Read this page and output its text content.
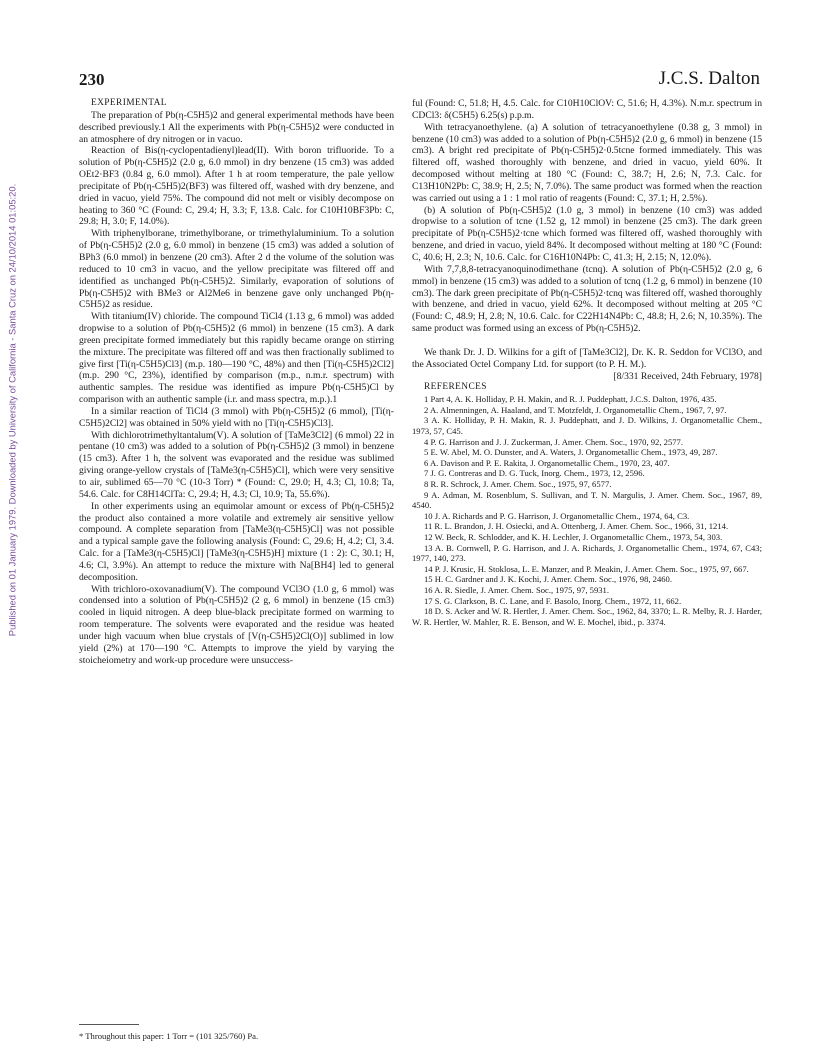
Published on 01 January 1979. Downloaded by University of California - Santa Cruz on 24/10/2014 01:05:20.
230	J.C.S. Dalton

EXPERIMENTAL

The preparation of Pb(η-C5H5)2 and general experimental methods have been described previously.1 All the experiments with Pb(η-C5H5)2 were conducted in an atmosphere of dry nitrogen or in vacuo.

Reaction of Bis(η-cyclopentadienyl)lead(II). With boron trifluoride. To a solution of Pb(η-C5H5)2 (2.0 g, 6.0 mmol) in dry benzene (15 cm3) was added OEt2·BF3 (0.84 g, 6.0 mmol). After 1 h at room temperature, the pale yellow precipitate of Pb(η-C5H5)2(BF3) was filtered off, washed with dry benzene, and dried in vacuo, yield 75%. The compound did not melt or visibly decompose on heating to 360 °C (Found: C, 29.4; H, 3.3; F, 13.8. Calc. for C10H10BF3Pb: C, 29.8; H, 3.0; F, 14.0%).

With triphenylborane, trimethylborane, or trimethylaluminium. To a solution of Pb(η-C5H5)2 (2.0 g, 6.0 mmol) in benzene (15 cm3) was added a solution of BPh3 (6.0 mmol) in benzene (20 cm3). After 2 d the volume of the solution was reduced to 10 cm3 in vacuo, and the yellow precipitate was filtered off and identified as unchanged Pb(η-C5H5)2. Similarly, evaporation of solutions of Pb(η-C5H5)2 with BMe3 or Al2Me6 in benzene gave only unchanged Pb(η-C5H5)2 as residue.

With titanium(IV) chloride. The compound TiCl4 (1.13 g, 6 mmol) was added dropwise to a solution of Pb(η-C5H5)2 (6 mmol) in benzene (15 cm3). A dark green precipitate formed immediately but this rapidly became orange on stirring the mixture. The precipitate was filtered off and was then fractionally sublimed to give first [Ti(η-C5H5)Cl3] (m.p. 180—190 °C, 48%) and then [Ti(η-C5H5)2Cl2] (m.p. 290 °C, 23%), identified by comparison (m.p., n.m.r. spectrum) with authentic samples. The residue was identified as impure Pb(η-C5H5)Cl by comparison with an authentic sample (i.r. and mass spectra, m.p.).1

In a similar reaction of TiCl4 (3 mmol) with Pb(η-C5H5)2 (6 mmol), [Ti(η-C5H5)2Cl2] was obtained in 50% yield with no [Ti(η-C5H5)Cl3].

With dichlorotrimethyltantalum(V). A solution of [TaMe3Cl2] (6 mmol) 22 in pentane (10 cm3) was added to a solution of Pb(η-C5H5)2 (3 mmol) in benzene (15 cm3). After 1 h, the solvent was evaporated and the residue was sublimed giving orange-yellow crystals of [TaMe3(η-C5H5)Cl], which were very sensitive to air, sublimed 65—70 °C (10-3 Torr) * (Found: C, 29.0; H, 4.3; Cl, 10.8; Ta, 54.6. Calc. for C8H14ClTa: C, 29.4; H, 4.3; Cl, 10.9; Ta, 55.6%).

In other experiments using an equimolar amount or excess of Pb(η-C5H5)2 the product also contained a more volatile and extremely air sensitive yellow compound. A complete separation from [TaMe3(η-C5H5)Cl] was not possible and a typical sample gave the following analysis (Found: C, 29.6; H, 4.2; Cl, 3.4. Calc. for a [TaMe3(η-C5H5)Cl] [TaMe3(η-C5H5)H] mixture (1 : 2): C, 30.1; H, 4.6; Cl, 3.9%). An attempt to reduce the mixture with Na[BH4] led to general decomposition.

With trichloro-oxovanadium(V). The compound VCl3O (1.0 g, 6 mmol) was condensed into a solution of Pb(η-C5H5)2 (2 g, 6 mmol) in benzene (15 cm3) cooled in liquid nitrogen. A deep blue-black precipitate formed on warming to room temperature. The solvents were evaporated and the residue was heated under high vacuum when blue crystals of [V(η-C5H5)2Cl(O)] sublimed in low yield (2%) at 170—190 °C. Attempts to improve the yield by varying the stoicheiometry and work-up procedure were unsuccess-

ful (Found: C, 51.8; H, 4.5. Calc. for C10H10ClOV: C, 51.6; H, 4.3%). N.m.r. spectrum in CDCl3: δ(C5H5) 6.25(s) p.p.m.

With tetracyanoethylene. (a) A solution of tetracyanoethylene (0.38 g, 3 mmol) in benzene (10 cm3) was added to a solution of Pb(η-C5H5)2 (2.0 g, 6 mmol) in benzene (15 cm3). A bright red precipitate of Pb(η-C5H5)2·0.5tcne formed immediately. This was filtered off, washed thoroughly with benzene, and dried in vacuo, yield 60%. It decomposed without melting at 180 °C (Found: C, 38.7; H, 2.6; N, 7.3. Calc. for C13H10N2Pb: C, 38.9; H, 2.5; N, 7.0%). The same product was formed when the reaction was carried out using a 1 : 1 mol ratio of reagents (Found: C, 37.1; H, 2.5%).

(b) A solution of Pb(η-C5H5)2 (1.0 g, 3 mmol) in benzene (10 cm3) was added dropwise to a solution of tcne (1.52 g, 12 mmol) in benzene (25 cm3). The dark green precipitate of Pb(η-C5H5)2·tcne which formed was filtered off, washed thoroughly with benzene, and dried in vacuo, yield 84%. It decomposed without melting at 180 °C (Found: C, 40.6; H, 2.3; N, 10.6. Calc. for C16H10N4Pb: C, 41.3; H, 2.15; N, 12.0%).

With 7,7,8,8-tetracyanoquinodimethane (tcnq). A solution of Pb(η-C5H5)2 (2.0 g, 6 mmol) in benzene (15 cm3) was added to a solution of tcnq (1.2 g, 6 mmol) in benzene (10 cm3). The dark green precipitate of Pb(η-C5H5)2·tcnq was filtered off, washed thoroughly with benzene, and dried in vacuo, yield 62%. It decomposed without melting at 205 °C (Found: C, 48.9; H, 2.8; N, 10.6. Calc. for C22H14N4Pb: C, 48.8; H, 2.6; N, 10.35%). The same product was formed using an excess of Pb(η-C5H5)2.

We thank Dr. J. D. Wilkins for a gift of [TaMe3Cl2], Dr. K. R. Seddon for VCl3O, and the Associated Octel Company Ltd. for support (to P. H. M.).

[8/331 Received, 24th February, 1978]

REFERENCES

1 Part 4, A. K. Holliday, P. H. Makin, and R. J. Puddephatt, J.C.S. Dalton, 1976, 435.
2 A. Almenningen, A. Haaland, and T. Motzfeldt, J. Organometallic Chem., 1967, 7, 97.
3 A. K. Holliday, P. H. Makin, R. J. Puddephatt, and J. D. Wilkins, J. Organometallic Chem., 1973, 57, C45.
4 P. G. Harrison and J. J. Zuckerman, J. Amer. Chem. Soc., 1970, 92, 2577.
5 E. W. Abel, M. O. Dunster, and A. Waters, J. Organometallic Chem., 1973, 49, 287.
6 A. Davison and P. E. Rakita, J. Organometallic Chem., 1970, 23, 407.
7 J. G. Contreras and D. G. Tuck, Inorg. Chem., 1973, 12, 2596.
8 R. R. Schrock, J. Amer. Chem. Soc., 1975, 97, 6577.
9 A. Adman, M. Rosenblum, S. Sullivan, and T. N. Margulis, J. Amer. Chem. Soc., 1967, 89, 4540.
10 J. A. Richards and P. G. Harrison, J. Organometallic Chem., 1974, 64, C3.
11 R. L. Brandon, J. H. Osiecki, and A. Ottenberg, J. Amer. Chem. Soc., 1966, 31, 1214.
12 W. Beck, R. Schlodder, and K. H. Lechler, J. Organometallic Chem., 1973, 54, 303.
13 A. B. Cornwell, P. G. Harrison, and J. A. Richards, J. Organometallic Chem., 1974, 67, C43; 1977, 140, 273.
14 P. J. Krusic, H. Stoklosa, L. E. Manzer, and P. Meakin, J. Amer. Chem. Soc., 1975, 97, 667.
15 H. C. Gardner and J. K. Kochi, J. Amer. Chem. Soc., 1976, 98, 2460.
16 A. R. Siedle, J. Amer. Chem. Soc., 1975, 97, 5931.
17 S. G. Clarkson, B. C. Lane, and F. Basolo, Inorg. Chem., 1972, 11, 662.
18 D. S. Acker and W. R. Hertler, J. Amer. Chem. Soc., 1962, 84, 3370; L. R. Melby, R. J. Harder, W. R. Hertler, W. Mahler, R. E. Benson, and W. E. Mochel, ibid., p. 3374.
* Throughout this paper: 1 Torr = (101 325/760) Pa.
